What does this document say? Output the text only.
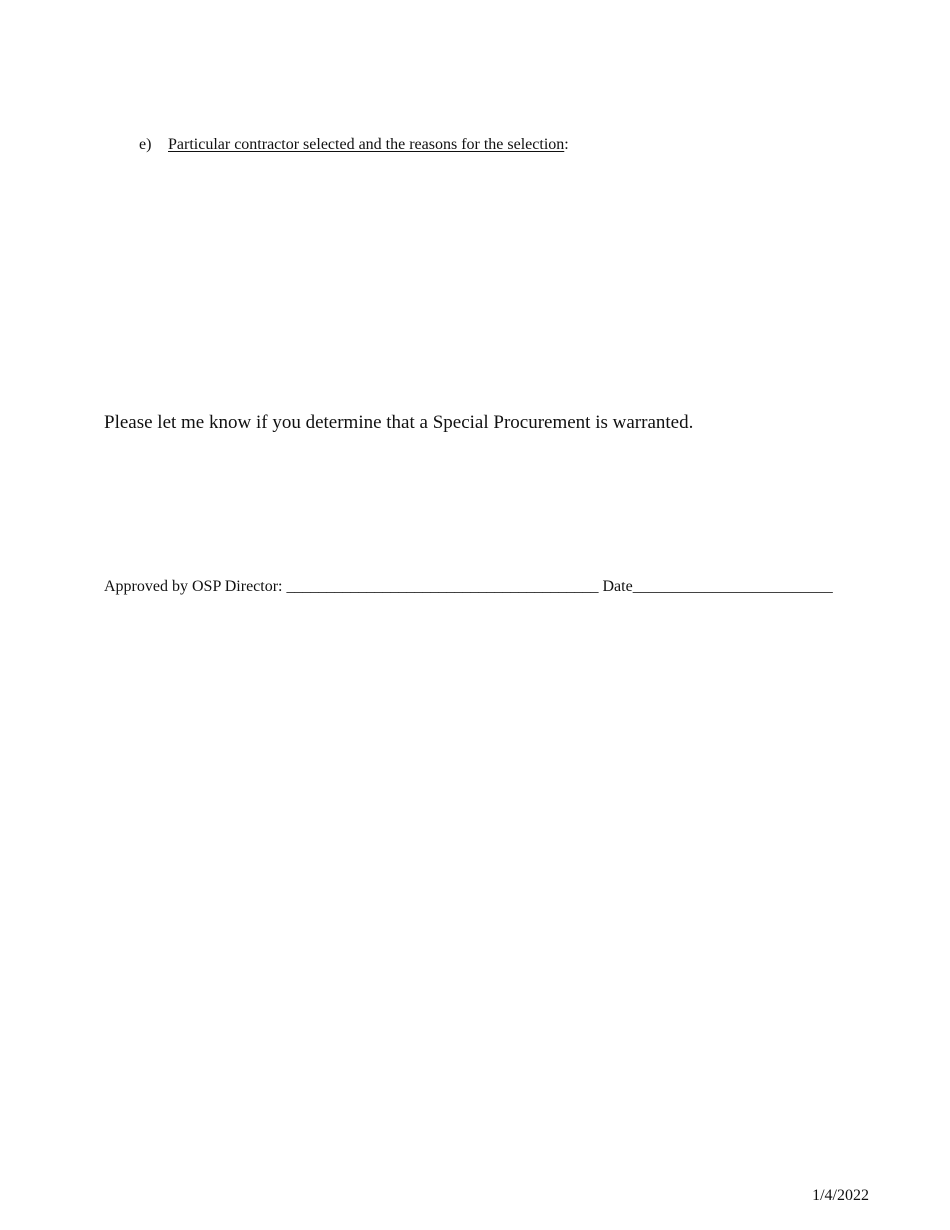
e) Particular contractor selected and the reasons for the selection:
Please let me know if you determine that a Special Procurement is warranted.
Approved by OSP Director: _______________________________________ Date_________________________
1/4/2022
